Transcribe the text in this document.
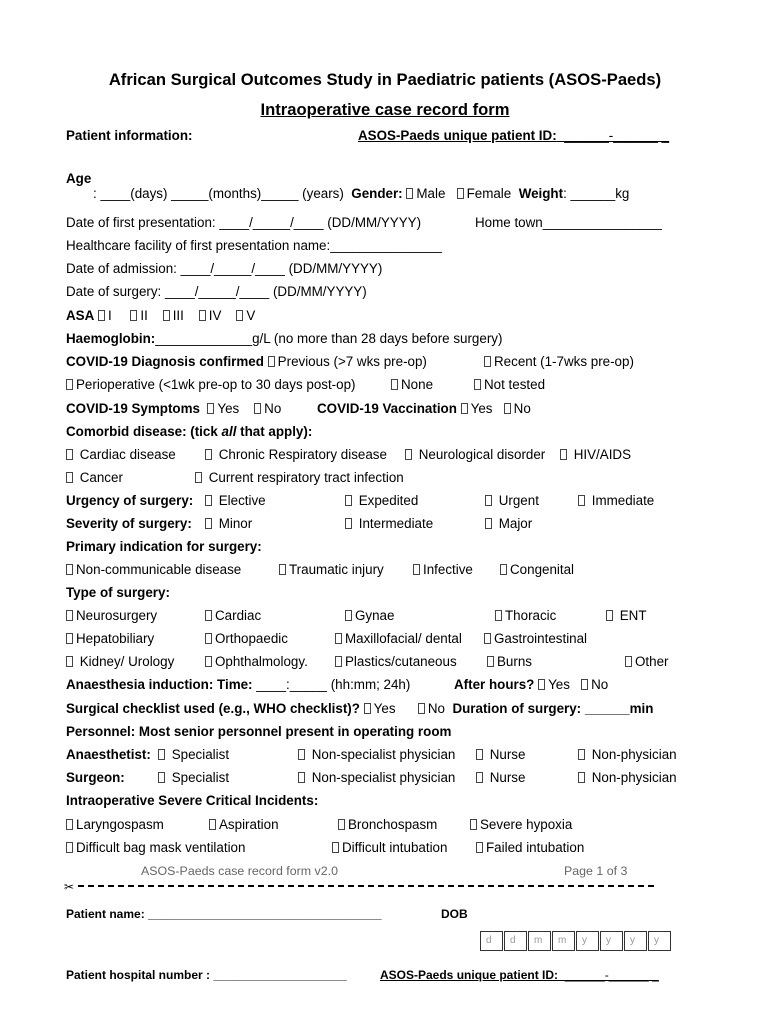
African Surgical Outcomes Study in Paediatric patients (ASOS-Paeds)
Intraoperative case record form
Patient information:	ASOS-Paeds unique patient ID: ______-______ _
Age
: ____(days) _____(months)_____ (years) Gender: Male Female Weight: ______kg
Date of first presentation: ____/_____/____ (DD/MM/YYYY)	Home town________________
Healthcare facility of first presentation name:_______________
Date of admission: ____/_____/____ (DD/MM/YYYY)
Date of surgery: ____/_____/____ (DD/MM/YYYY)
ASA I II III IV V
Haemoglobin:_____________g/L (no more than 28 days before surgery)
COVID-19 Diagnosis confirmed Previous (>7 wks pre-op)	Recent (1-7wks pre-op)
Perioperative (<1wk pre-op to 30 days post-op)	None	Not tested
COVID-19 Symptoms Yes No	COVID-19 Vaccination Yes No
Comorbid disease: (tick all that apply):
Cardiac disease	Chronic Respiratory disease	Neurological disorder	HIV/AIDS
Cancer	Current respiratory tract infection
Urgency of surgery:	Elective	Expedited	Urgent	Immediate
Severity of surgery:	Minor	Intermediate	Major
Primary indication for surgery:
Non-communicable disease	Traumatic injury	Infective	Congenital
Type of surgery:
Neurosurgery	Cardiac	Gynae	Thoracic	ENT
Hepatobiliary	Orthopaedic	Maxillofacial/ dental	Gastrointestinal
Kidney/ Urology	Ophthalmology.	Plastics/cutaneous	Burns	Other
Anaesthesia induction: Time: ____:_____ (hh:mm; 24h)	After hours? Yes No
Surgical checklist used (e.g., WHO checklist)? Yes No Duration of surgery: ______min
Personnel: Most senior personnel present in operating room
Anaesthetist:	Specialist	Non-specialist physician	Nurse	Non-physician
Surgeon:	Specialist	Non-specialist physician	Nurse	Non-physician
Intraoperative Severe Critical Incidents:
Laryngospasm	Aspiration	Bronchospasm	Severe hypoxia
Difficult bag mask ventilation	Difficult intubation	Failed intubation
ASOS-Paeds case record form v2.0	Page 1 of 3
✂
Patient name: ___________________________________	DOB
d	d	m	m	y	y	y	y
Patient hospital number : ____________________	ASOS-Paeds unique patient ID: ______-______ _
